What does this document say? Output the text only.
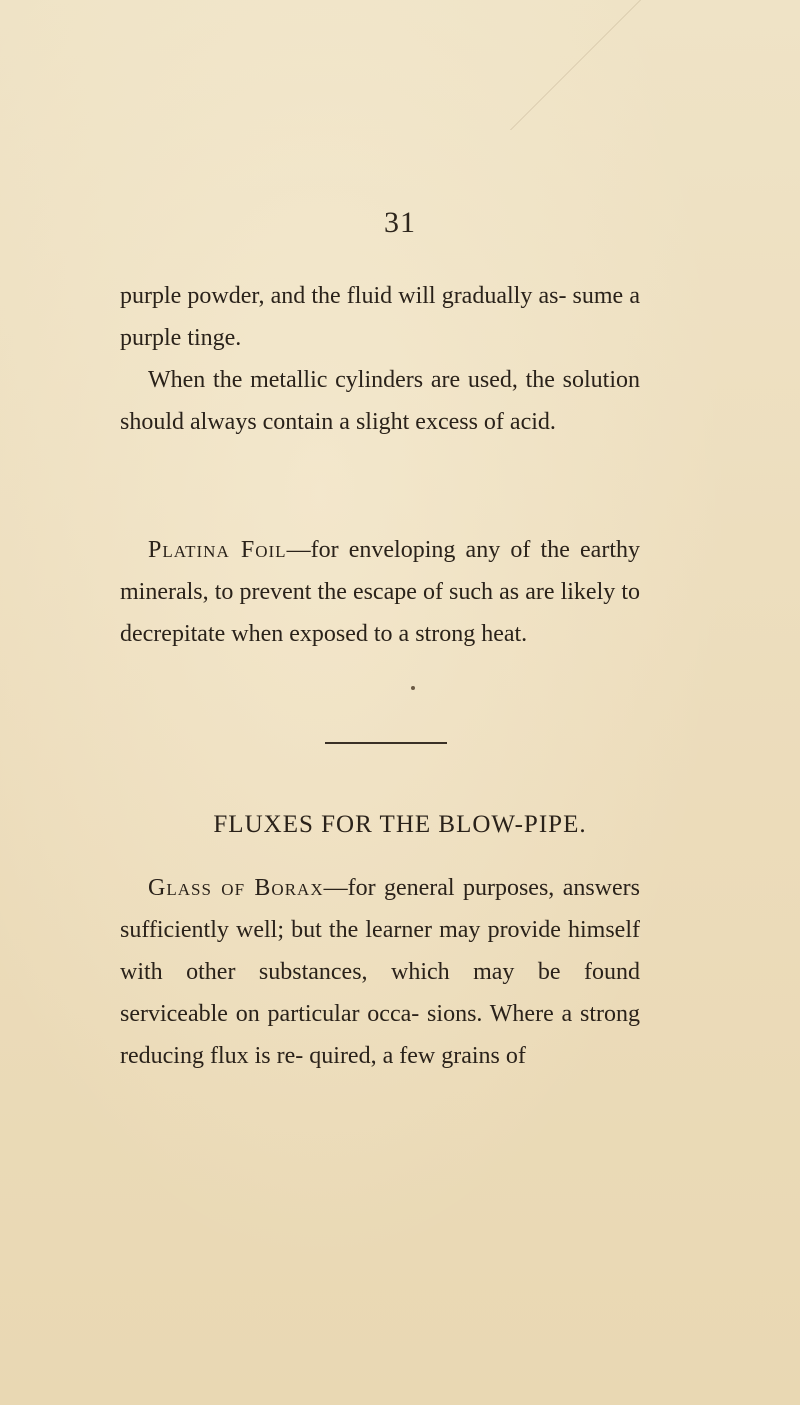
31

purple powder, and the fluid will gradually as- sume a purple tinge.

When the metallic cylinders are used, the solution should always contain a slight excess of acid.

Platina Foil—for enveloping any of the earthy minerals, to prevent the escape of such as are likely to decrepitate when exposed to a strong heat.

FLUXES FOR THE BLOW-PIPE.

Glass of Borax—for general purposes, answers sufficiently well; but the learner may provide himself with other substances, which may be found serviceable on particular occa- sions. Where a strong reducing flux is re- quired, a few grains of
